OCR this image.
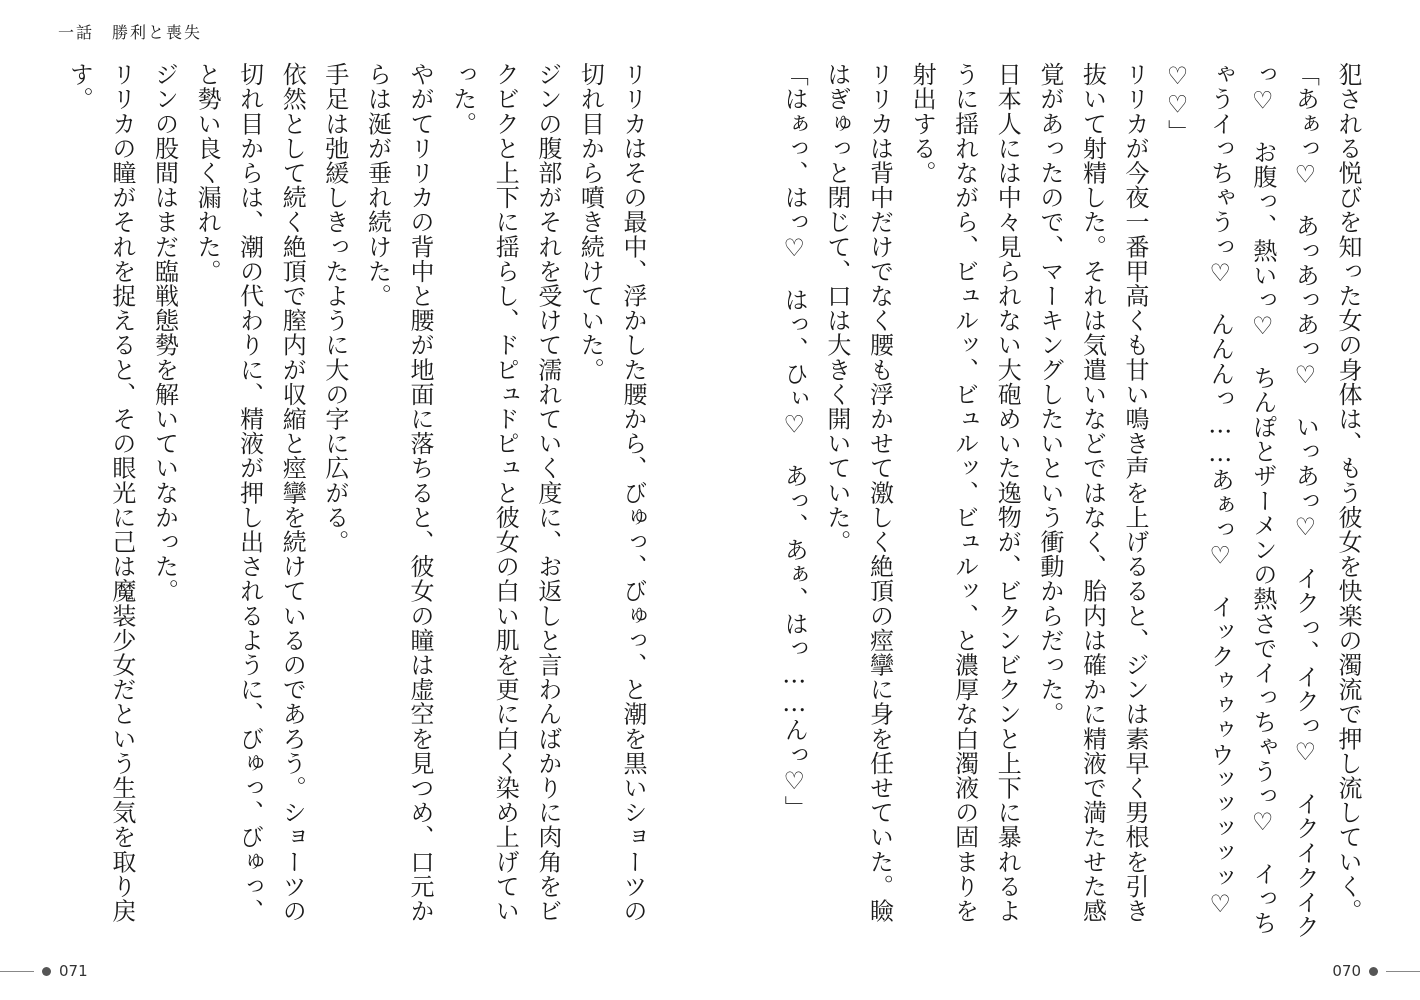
一話　勝利と喪失

リリカはその最中、浮かした腰から、びゅっ、びゅっ、と潮を黒いショーツの切れ目から噴き続けていた。

ジンの腹部がそれを受けて濡れていく度に、お返しと言わんばかりに肉角をビクビクと上下に揺らし、ドピュドピュと彼女の白い肌を更に白く染め上げていった。

やがてリリカの背中と腰が地面に落ちると、彼女の瞳は虚空を見つめ、口元からは涎が垂れ続けた。

手足は弛緩しきったように大の字に広がる。

依然として続く絶頂で膣内が収縮と痙攣を続けているのであろう。ショーツの切れ目からは、潮の代わりに、精液が押し出されるように、びゅっ、びゅっ、と勢い良く漏れた。

ジンの股間はまだ臨戦態勢を解いていなかった。

リリカの瞳がそれを捉えると、その眼光に己は魔装少女だという生気を取り戻す。

071

犯される悦びを知った女の身体は、もう彼女を快楽の濁流で押し流していく。

「あぁっ♡　あっあっあっ♡　いっあっ♡　イクっ、イクっ♡　イクイクイクっ♡　お腹っ、熱いっ♡　ちんぽとザーメンの熱さでイっちゃうっ♡　イっちゃうイっちゃうっ♡　んんんっ……あぁっ♡　イックゥゥゥウッッッッッ♡♡♡」

リリカが今夜一番甲高くも甘い鳴き声を上げるると、ジンは素早く男根を引き抜いて射精した。それは気遣いなどではなく、胎内は確かに精液で満たせた感覚があったので、マーキングしたいという衝動からだった。

日本人には中々見られない大砲めいた逸物が、ビクンビクンと上下に暴れるように揺れながら、ビュルッ、ビュルッ、ビュルッ、と濃厚な白濁液の固まりを射出する。

リリカは背中だけでなく腰も浮かせて激しく絶頂の痙攣に身を任せていた。瞼はぎゅっと閉じて、口は大きく開いていた。

「はぁっ、はっ♡　はっ、ひぃ♡　あっ、あぁ、はっ……んっ♡」

070
